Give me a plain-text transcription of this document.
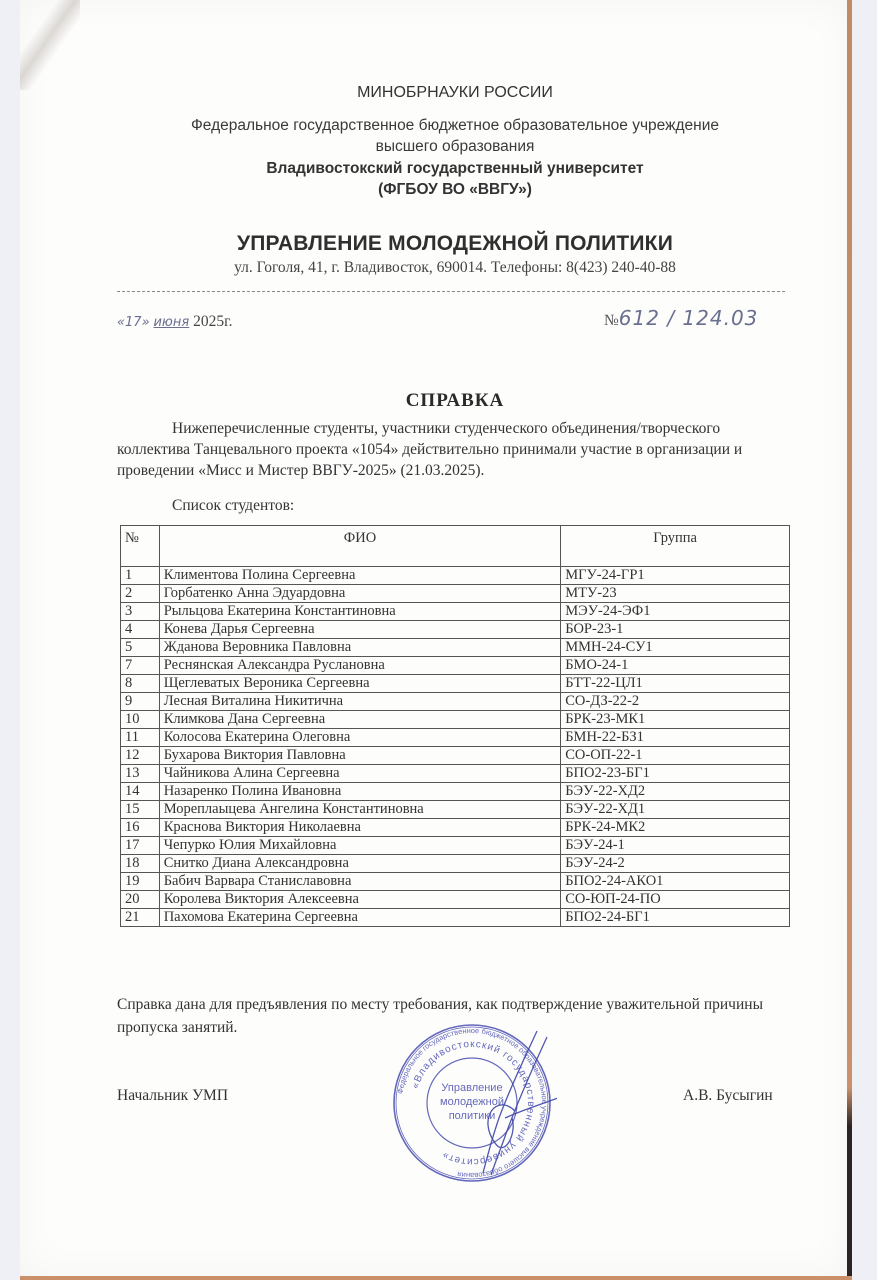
МИНОБРНАУКИ РОССИИ
Федеральное государственное бюджетное образовательное учреждение
высшего образования
Владивостокский государственный университет
(ФГБОУ ВО «ВВГУ»)
УПРАВЛЕНИЕ МОЛОДЕЖНОЙ ПОЛИТИКИ
ул. Гоголя, 41, г. Владивосток, 690014. Телефоны: 8(423) 240-40-88
«17» июня 2025г.	№612 / 124.03
СПРАВКА
Нижеперечисленные студенты, участники студенческого объединения/творческого коллектива Танцевального проекта «1054» действительно принимали участие в организации и проведении «Мисс и Мистер ВВГУ-2025» (21.03.2025).
Список студентов:
№	ФИО	Группа
1	Климентова Полина Сергеевна	МГУ-24-ГР1
2	Горбатенко Анна Эдуардовна	МТУ-23
3	Рыльцова Екатерина Константиновна	МЭУ-24-ЭФ1
4	Конева Дарья Сергеевна	БОР-23-1
5	Жданова Веровника Павловна	ММН-24-СУ1
7	Реснянская Александра Руслановна	БМО-24-1
8	Щеглеватых Вероника Сергеевна	БТТ-22-ЦЛ1
9	Лесная Виталина Никитична	СО-ДЗ-22-2
10	Климкова Дана Сергеевна	БРК-23-МК1
11	Колосова Екатерина Олеговна	БМН-22-БЗ1
12	Бухарова Виктория Павловна	СО-ОП-22-1
13	Чайникова Алина Сергеевна	БПО2-23-БГ1
14	Назаренко Полина Ивановна	БЭУ-22-ХД2
15	Мореплаыцева Ангелина Константиновна	БЭУ-22-ХД1
16	Краснова Виктория Николаевна	БРК-24-МК2
17	Чепурко Юлия Михайловна	БЭУ-24-1
18	Снитко Диана Александровна	БЭУ-24-2
19	Бабич Варвара Станиславовна	БПО2-24-АКО1
20	Королева Виктория Алексеевна	СО-ЮП-24-ПО
21	Пахомова Екатерина Сергеевна	БПО2-24-БГ1
Справка дана для предъявления по месту требования, как подтверждение уважительной причины пропуска занятий.
Начальник УМП	А.В. Бусыгин
Федеральное государственное бюджетное образовательное учреждение высшего образования
«Владивостокский государственный университет»
Управление
молодежной
политики
